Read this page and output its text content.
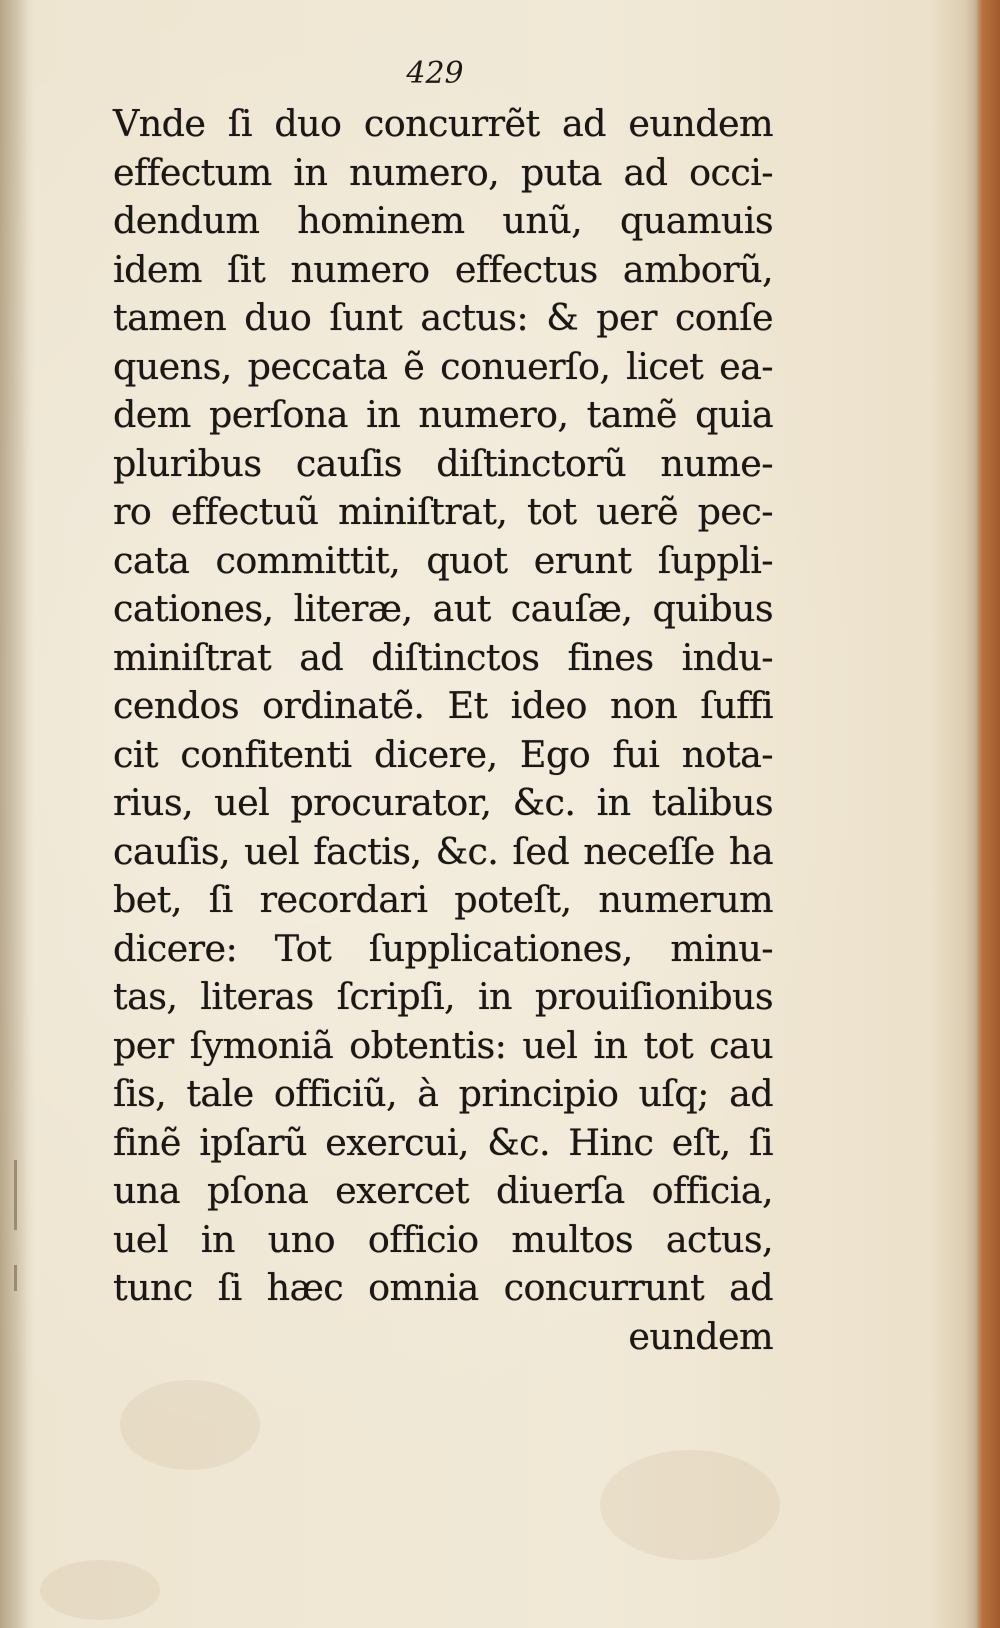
429
Vnde ſi duo concurrẽt ad eundem
effectum in numero, puta ad occi-
dendum hominem unũ, quamuis
idem ſit numero effectus amborũ,
tamen duo ſunt actus: & per conſe
quens, peccata ẽ conuerſo, licet ea-
dem perſona in numero, tamẽ quia
pluribus cauſis diſtinctorũ nume-
ro effectuũ miniſtrat, tot uerẽ pec-
cata committit, quot erunt ſuppli-
cationes, literæ, aut cauſæ, quibus
miniſtrat ad diſtinctos fines indu-
cendos ordinatẽ. Et ideo non ſuffi
cit confitenti dicere, Ego fui nota-
rius, uel procurator, &c. in talibus
cauſis, uel factis, &c. ſed neceſſe ha
bet, ſi recordari poteſt, numerum
dicere: Tot ſupplicationes, minu-
tas, literas ſcripſi, in prouiſionibus
per ſymoniã obtentis: uel in tot cau
ſis, tale officiũ, à principio uſq; ad
finẽ ipſarũ exercui, &c. Hinc eſt, ſi
una pſona exercet diuerſa officia,
uel in uno officio multos actus,
tunc ſi hæc omnia concurrunt ad
eundem
